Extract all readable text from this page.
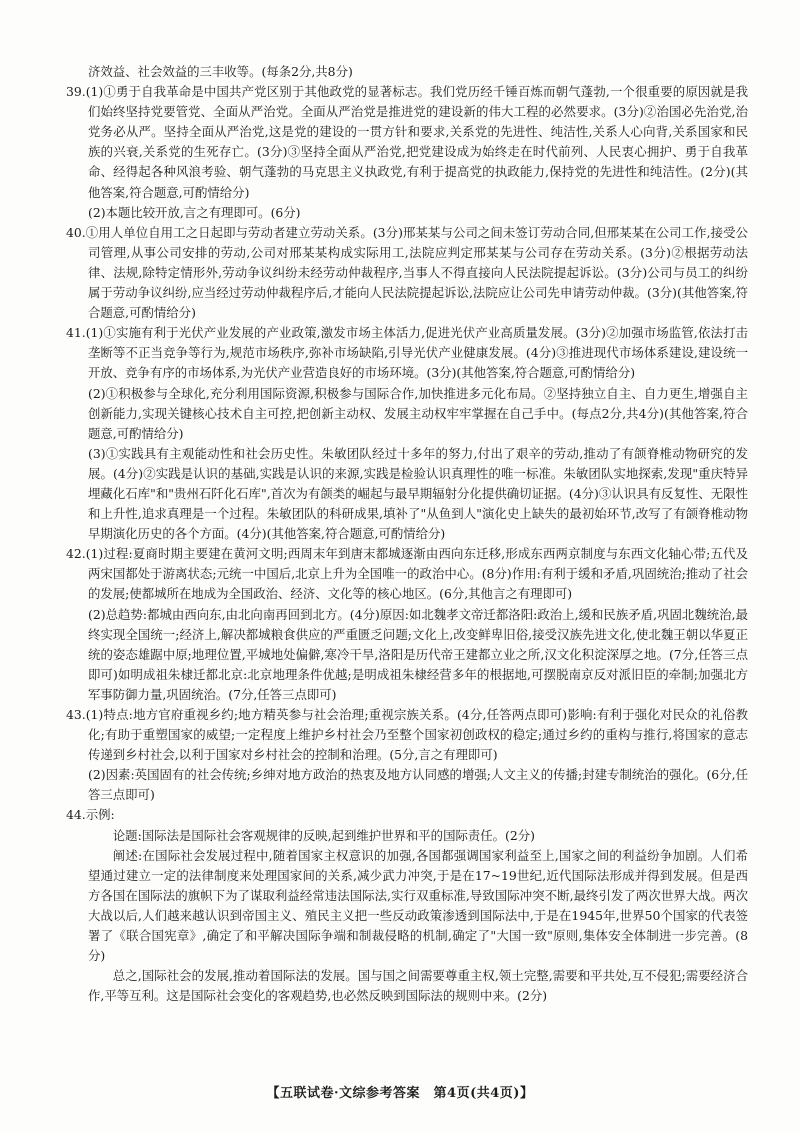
济效益、社会效益的三丰收等。(每条2分,共8分)

39.(1)①勇于自我革命是中国共产党区别于其他政党的显著标志。我们党历经千锤百炼而朝气蓬勃,一个很重要的原因就是我们始终坚持党要管党、全面从严治党。全面从严治党是推进党的建设新的伟大工程的必然要求。(3分)②治国必先治党,治党务必从严。坚持全面从严治党,这是党的建设的一贯方针和要求,关系党的先进性、纯洁性,关系人心向背,关系国家和民族的兴衰,关系党的生死存亡。(3分)③坚持全面从严治党,把党建设成为始终走在时代前列、人民衷心拥护、勇于自我革命、经得起各种风浪考验、朝气蓬勃的马克思主义执政党,有利于提高党的执政能力,保持党的先进性和纯洁性。(2分)(其他答案,符合题意,可酌情给分)

(2)本题比较开放,言之有理即可。(6分)

40.①用人单位自用工之日起即与劳动者建立劳动关系。(3分)邢某某与公司之间未签订劳动合同,但邢某某在公司工作,接受公司管理,从事公司安排的劳动,公司对邢某某构成实际用工,法院应判定邢某某与公司存在劳动关系。(3分)②根据劳动法律、法规,除特定情形外,劳动争议纠纷未经劳动仲裁程序,当事人不得直接向人民法院提起诉讼。(3分)公司与员工的纠纷属于劳动争议纠纷,应当经过劳动仲裁程序后,才能向人民法院提起诉讼,法院应让公司先申请劳动仲裁。(3分)(其他答案,符合题意,可酌情给分)

41.(1)①实施有利于光伏产业发展的产业政策,激发市场主体活力,促进光伏产业高质量发展。(3分)②加强市场监管,依法打击垄断等不正当竞争等行为,规范市场秩序,弥补市场缺陷,引导光伏产业健康发展。(4分)③推进现代市场体系建设,建设统一开放、竞争有序的市场体系,为光伏产业营造良好的市场环境。(3分)(其他答案,符合题意,可酌情给分)

(2)①积极参与全球化,充分利用国际资源,积极参与国际合作,加快推进多元化布局。②坚持独立自主、自力更生,增强自主创新能力,实现关键核心技术自主可控,把创新主动权、发展主动权牢牢掌握在自己手中。(每点2分,共4分)(其他答案,符合题意,可酌情给分)

(3)①实践具有主观能动性和社会历史性。朱敏团队经过十多年的努力,付出了艰辛的劳动,推动了有颌脊椎动物研究的发展。(4分)②实践是认识的基础,实践是认识的来源,实践是检验认识真理性的唯一标准。朱敏团队实地探索,发现"重庆特异埋藏化石库"和"贵州石阡化石库",首次为有颌类的崛起与最早期辐射分化提供确切证据。(4分)③认识具有反复性、无限性和上升性,追求真理是一个过程。朱敏团队的科研成果,填补了"从鱼到人"演化史上缺失的最初始环节,改写了有颌脊椎动物早期演化历史的各个方面。(4分)(其他答案,符合题意,可酌情给分)

42.(1)过程:夏商时期主要建在黄河文明;西周末年到唐末都城逐渐由西向东迁移,形成东西两京制度与东西文化轴心带;五代及两宋国都处于游离状态;元统一中国后,北京上升为全国唯一的政治中心。(8分)作用:有利于缓和矛盾,巩固统治;推动了社会的发展;使都城所在地成为全国政治、经济、文化等的核心地区。(6分,其他言之有理即可)

(2)总趋势:都城由西向东,由北向南再回到北方。(4分)原因:如北魏孝文帝迁都洛阳:政治上,缓和民族矛盾,巩固北魏统治,最终实现全国统一;经济上,解决都城粮食供应的严重匮乏问题;文化上,改变鲜卑旧俗,接受汉族先进文化,使北魏王朝以华夏正统的姿态雄踞中原;地理位置,平城地处偏僻,寒冷干旱,洛阳是历代帝王建都立业之所,汉文化积淀深厚之地。(7分,任答三点即可)如明成祖朱棣迁都北京:北京地理条件优越;是明成祖朱棣经营多年的根据地,可摆脱南京反对派旧臣的牵制;加强北方军事防御力量,巩固统治。(7分,任答三点即可)

43.(1)特点:地方官府重视乡约;地方精英参与社会治理;重视宗族关系。(4分,任答两点即可)影响:有利于强化对民众的礼俗教化;有助于重塑国家的威望;一定程度上维护乡村社会乃至整个国家初创政权的稳定;通过乡约的重构与推行,将国家的意志传递到乡村社会,以利于国家对乡村社会的控制和治理。(5分,言之有理即可)

(2)因素:英国固有的社会传统;乡绅对地方政治的热衷及地方认同感的增强;人文主义的传播;封建专制统治的强化。(6分,任答三点即可)

44.示例:

论题:国际法是国际社会客观规律的反映,起到维护世界和平的国际责任。(2分)

阐述:在国际社会发展过程中,随着国家主权意识的加强,各国都强调国家利益至上,国家之间的利益纷争加剧。人们希望通过建立一定的法律制度来处理国家间的关系,减少武力冲突,于是在17~19世纪,近代国际法形成并得到发展。但是西方各国在国际法的旗帜下为了谋取利益经常违法国际法,实行双重标准,导致国际冲突不断,最终引发了两次世界大战。两次大战以后,人们越来越认识到帝国主义、殖民主义把一些反动政策渗透到国际法中,于是在1945年,世界50个国家的代表签署了《联合国宪章》,确定了和平解决国际争端和制裁侵略的机制,确定了"大国一致"原则,集体安全体制进一步完善。(8分)

总之,国际社会的发展,推动着国际法的发展。国与国之间需要尊重主权,领土完整,需要和平共处,互不侵犯;需要经济合作,平等互利。这是国际社会变化的客观趋势,也必然反映到国际法的规则中来。(2分)

【五联试卷·文综参考答案　第4页(共4页)】
